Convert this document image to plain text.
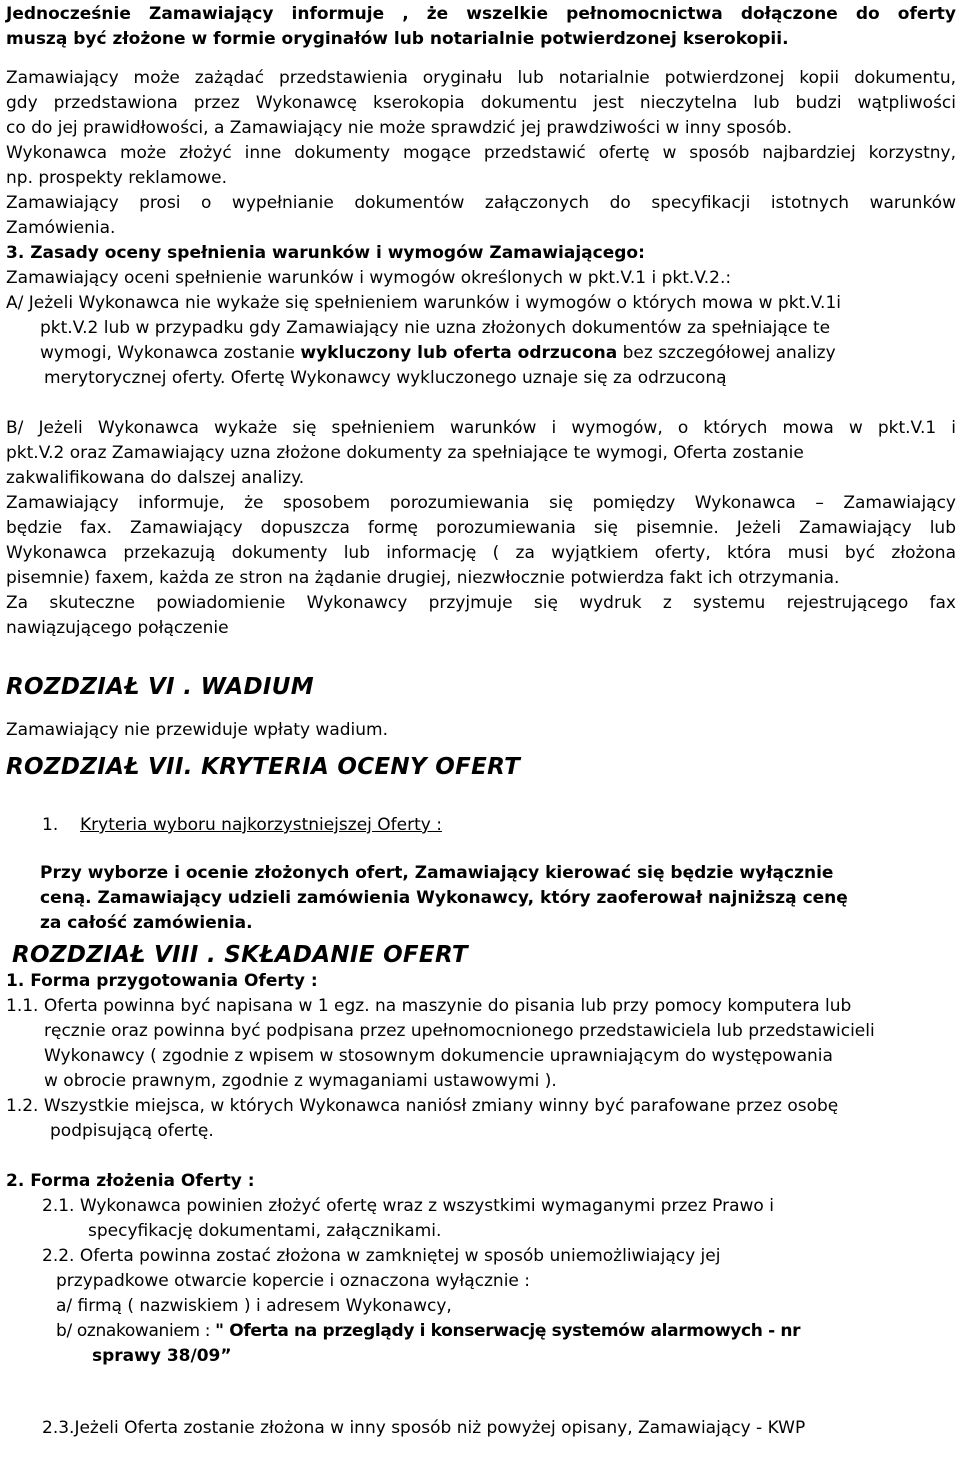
Jednocześnie Zamawiający informuje , że wszelkie pełnomocnictwa dołączone do oferty
muszą być złożone w formie oryginałów lub notarialnie potwierdzonej kserokopii.
Zamawiający może zażądać przedstawienia oryginału lub notarialnie potwierdzonej kopii dokumentu,
gdy przedstawiona przez Wykonawcę kserokopia dokumentu jest nieczytelna lub budzi wątpliwości
co do jej prawidłowości, a Zamawiający nie może sprawdzić jej prawdziwości w inny sposób.
Wykonawca może złożyć inne dokumenty mogące przedstawić ofertę w sposób najbardziej korzystny,
np. prospekty reklamowe.
Zamawiający prosi o wypełnianie dokumentów załączonych do specyfikacji istotnych warunków
Zamówienia.
3. Zasady oceny spełnienia warunków i wymogów Zamawiającego:
Zamawiający oceni spełnienie warunków i wymogów określonych w pkt.V.1 i pkt.V.2.:
A/ Jeżeli Wykonawca nie wykaże się spełnieniem warunków i wymogów o których mowa w pkt.V.1i
pkt.V.2 lub w przypadku gdy Zamawiający nie uzna złożonych dokumentów za spełniające te
wymogi, Wykonawca zostanie wykluczony lub oferta odrzucona bez szczegółowej analizy
merytorycznej oferty. Ofertę Wykonawcy wykluczonego uznaje się za odrzuconą
B/ Jeżeli Wykonawca wykaże się spełnieniem warunków i wymogów, o których mowa w pkt.V.1 i
pkt.V.2 oraz Zamawiający uzna złożone dokumenty za spełniające te wymogi, Oferta zostanie
zakwalifikowana do dalszej analizy.
Zamawiający informuje, że sposobem porozumiewania się pomiędzy Wykonawca – Zamawiający
będzie fax. Zamawiający dopuszcza formę porozumiewania się pisemnie. Jeżeli Zamawiający lub
Wykonawca przekazują dokumenty lub informację ( za wyjątkiem oferty, która musi być złożona
pisemnie) faxem, każda ze stron na żądanie drugiej, niezwłocznie potwierdza fakt ich otrzymania.
Za skuteczne powiadomienie Wykonawcy przyjmuje się wydruk z systemu rejestrującego fax
nawiązującego połączenie
ROZDZIAŁ VI . WADIUM
Zamawiający nie przewiduje wpłaty wadium.
ROZDZIAŁ VII. KRYTERIA OCENY OFERT
1. Kryteria wyboru najkorzystniejszej Oferty :
Przy wyborze i ocenie złożonych ofert, Zamawiający kierować się będzie wyłącznie
ceną. Zamawiający udzieli zamówienia Wykonawcy, który zaoferował najniższą cenę
za całość zamówienia.
ROZDZIAŁ VIII . SKŁADANIE OFERT
1. Forma przygotowania Oferty :
1.1. Oferta powinna być napisana w 1 egz. na maszynie do pisania lub przy pomocy komputera lub
ręcznie oraz powinna być podpisana przez upełnomocnionego przedstawiciela lub przedstawicieli
Wykonawcy ( zgodnie z wpisem w stosownym dokumencie uprawniającym do występowania
w obrocie prawnym, zgodnie z wymaganiami ustawowymi ).
1.2. Wszystkie miejsca, w których Wykonawca naniósł zmiany winny być parafowane przez osobę
podpisującą ofertę.
2. Forma złożenia Oferty :
2.1. Wykonawca powinien złożyć ofertę wraz z wszystkimi wymaganymi przez Prawo i
specyfikację dokumentami, załącznikami.
2.2. Oferta powinna zostać złożona w zamkniętej w sposób uniemożliwiający jej
przypadkowe otwarcie kopercie i oznaczona wyłącznie :
a/ firmą ( nazwiskiem ) i adresem Wykonawcy,
b/ oznakowaniem : " Oferta na przeglądy i konserwację systemów alarmowych - nr
sprawy 38/09”
2.3.Jeżeli Oferta zostanie złożona w inny sposób niż powyżej opisany, Zamawiający - KWP
